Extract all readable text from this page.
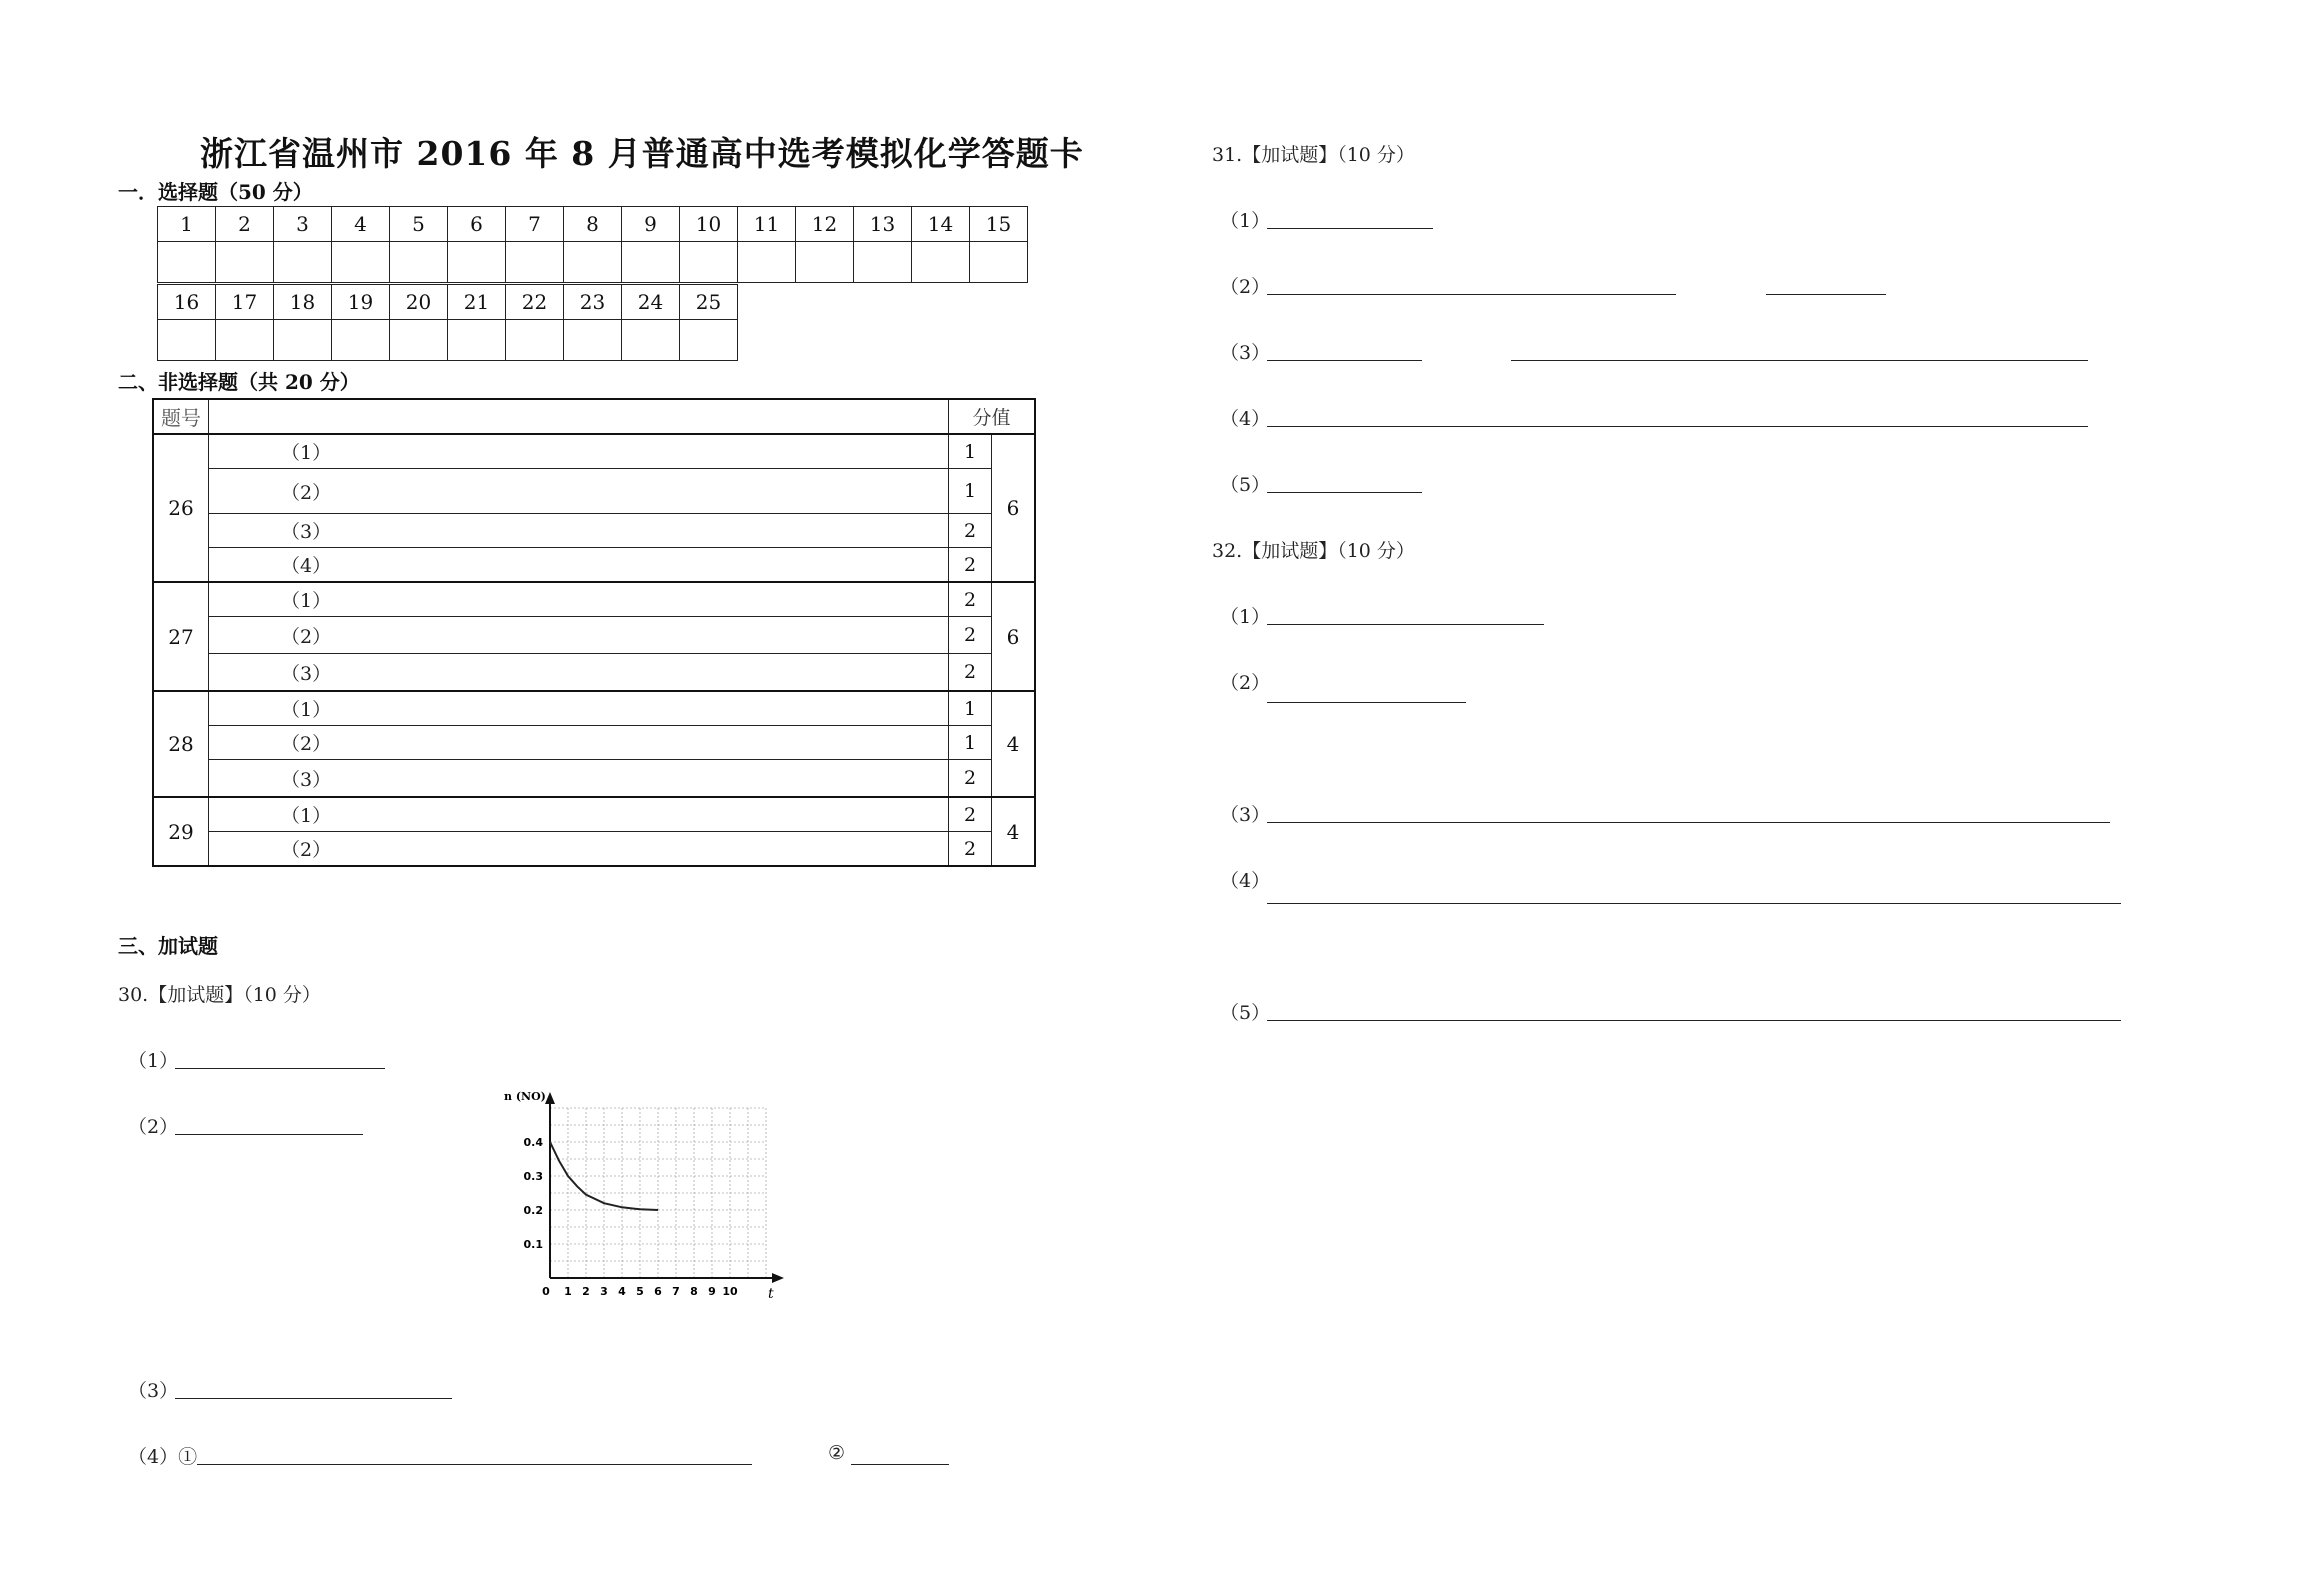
浙江省温州市 2016 年 8 月普通高中选考模拟化学答题卡
一．选择题（50 分）
1	2	3	4	5	6	7	8	9	10	11	12	13	14	15

16	17	18	19	20	21	22	23	24	25

二、非选择题（共 20 分）
题号		分值	
26	（1）	1	6
	（2）	1	
	（3）	2	
	（4）	2	
27	（1）	2	6
	（2）	2	
	（3）	2	
28	（1）	1	4
	（2）	1	
	（3）	2	
29	（1）	2	4
	（2）	2	
三、加试题
30.【加试题】（10 分）
（1）
（2）
（3）
（4）①	②
n (NO)
t
0 1 2 3 4 5 6 7 8 9 10
0.1
0.2
0.3
0.4
31.【加试题】（10 分）
（1）
（2）
（3）
（4）
（5）
32.【加试题】（10 分）
（1）
（2）
（3）
（4）
（5）
